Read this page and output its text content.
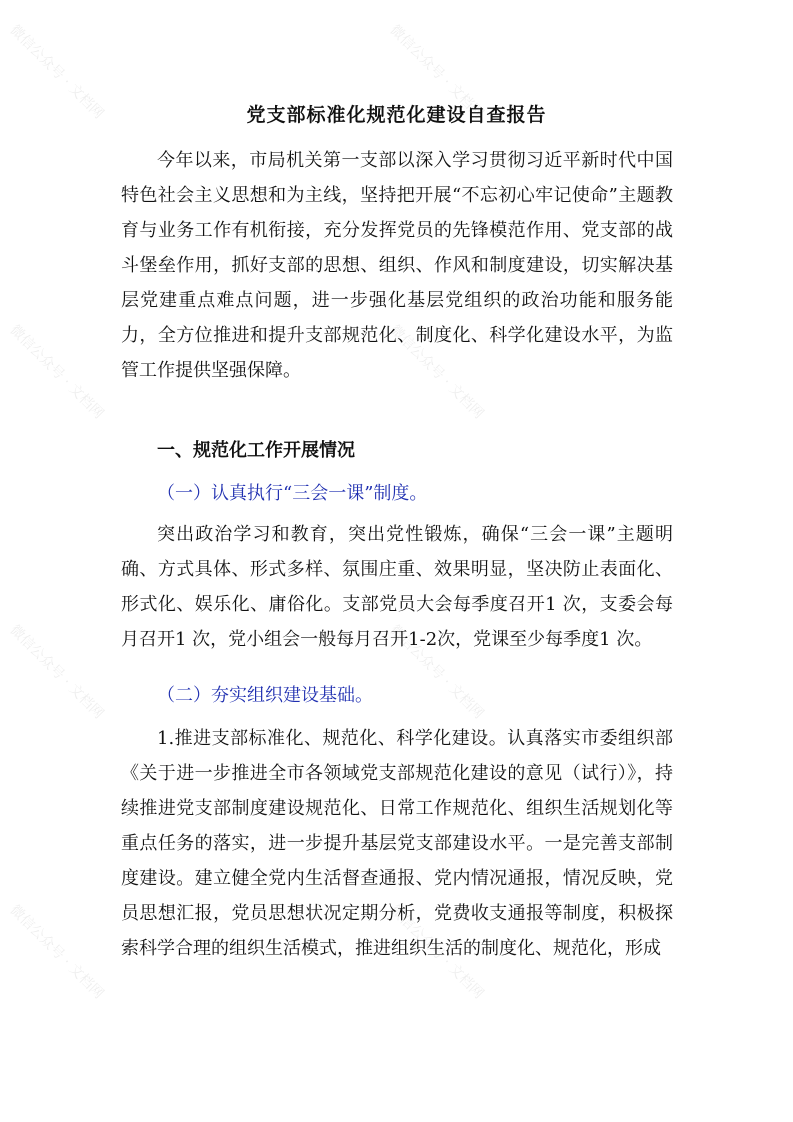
党支部标准化规范化建设自查报告

今年以来，市局机关第一支部以深入学习贯彻习近平新时代中国特色社会主义思想和为主线，坚持把开展“不忘初心牢记使命”主题教育与业务工作有机衔接，充分发挥党员的先锋模范作用、党支部的战斗堡垒作用，抓好支部的思想、组织、作风和制度建设，切实解决基层党建重点难点问题，进一步强化基层党组织的政治功能和服务能力，全方位推进和提升支部规范化、制度化、科学化建设水平，为监管工作提供坚强保障。

一、规范化工作开展情况
（一）认真执行“三会一课”制度。

突出政治学习和教育，突出党性锻炼，确保“三会一课”主题明确、方式具体、形式多样、氛围庄重、效果明显，坚决防止表面化、形式化、娱乐化、庸俗化。支部党员大会每季度召开1 次，支委会每月召开1 次，党小组会一般每月召开1-2次，党课至少每季度1 次。

（二）夯实组织建设基础。

1.推进支部标准化、规范化、科学化建设。认真落实市委组织部《关于进一步推进全市各领域党支部规范化建设的意见（试行）》，持续推进党支部制度建设规范化、日常工作规范化、组织生活规划化等重点任务的落实，进一步提升基层党支部建设水平。一是完善支部制度建设。建立健全党内生活督查通报、党内情况通报，情况反映，党员思想汇报，党员思想状况定期分析，党费收支通报等制度，积极探索科学合理的组织生活模式，推进组织生活的制度化、规范化，形成

微信公众号 · 文档网	微信公众号 · 文档网
微信公众号 · 文档网	微信公众号 · 文档网
微信公众号 · 文档网	微信公众号 · 文档网
微信公众号 · 文档网	微信公众号 · 文档网
